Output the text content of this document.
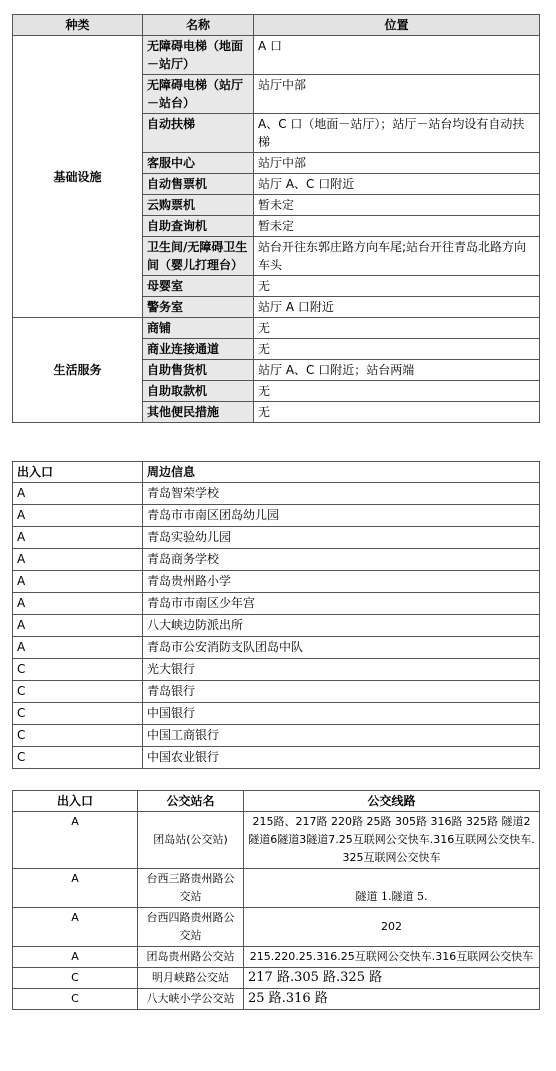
种类	名称	位置
基础设施	无障碍电梯（地面－站厅）	A 口
	无障碍电梯（站厅－站台）	站厅中部
	自动扶梯	A、C 口（地面－站厅）；站厅－站台均设有自动扶梯
	客服中心	站厅中部
	自动售票机	站厅 A、C 口附近
	云购票机	暂未定
	自助查询机	暂未定
	卫生间/无障碍卫生间（婴儿打理台）	站台开往东郭庄路方向车尾;站台开往青岛北路方向车头
	母婴室	无
	警务室	站厅 A 口附近
生活服务	商铺	无
	商业连接通道	无
	自助售货机	站厅 A、C 口附近；站台两端
	自助取款机	无
	其他便民措施	无
出入口	周边信息
A	青岛智荣学校
A	青岛市市南区团岛幼儿园
A	青岛实验幼儿园
A	青岛商务学校
A	青岛贵州路小学
A	青岛市市南区少年宫
A	八大峡边防派出所
A	青岛市公安消防支队团岛中队
C	光大银行
C	青岛银行
C	中国银行
C	中国工商银行
C	中国农业银行
出入口	公交站名	公交线路
A	团岛站(公交站)	215路、217路 220路 25路 305路 316路 325路 隧道2隧道6隧道3隧道7.25互联网公交快车.316互联网公交快车.325互联网公交快车
A	台西三路贵州路公交站	隧道 1.隧道 5.
A	台西四路贵州路公交站	202
A	团岛贵州路公交站	215.220.25.316.25互联网公交快车.316互联网公交快车
C	明月峡路公交站	217 路.305 路.325 路
C	八大峡小学公交站	25 路.316 路
